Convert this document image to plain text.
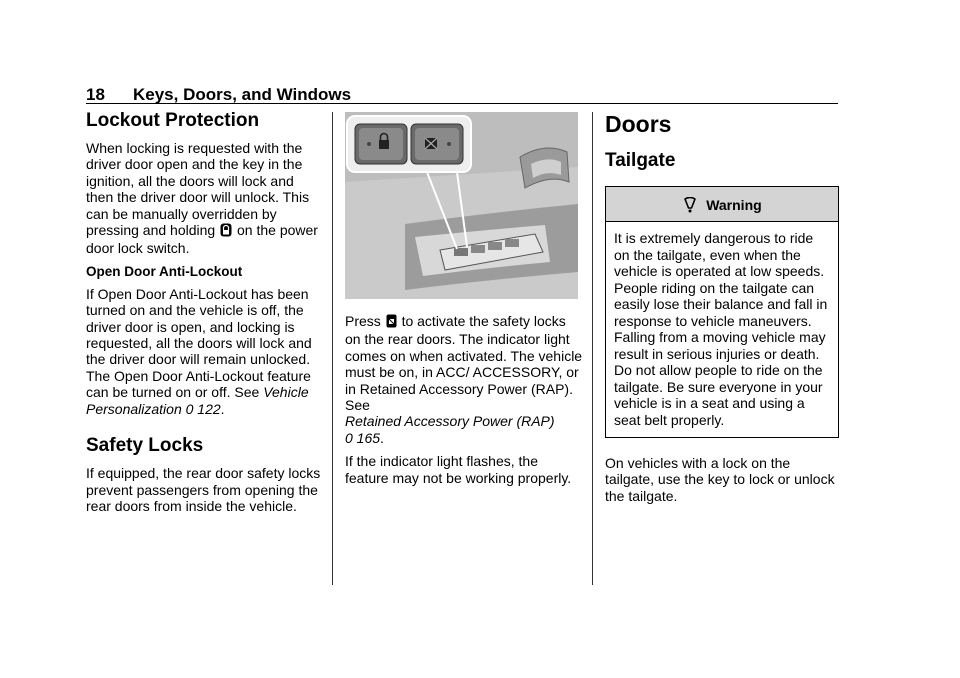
18 Keys, Doors, and Windows
Lockout Protection

When locking is requested with the driver door open and the key in the ignition, all the doors will lock and then the driver door will unlock. This can be manually overridden by pressing and holding on the power door lock switch.

Open Door Anti-Lockout

If Open Door Anti-Lockout has been turned on and the vehicle is off, the driver door is open, and locking is requested, all the doors will lock and the driver door will remain unlocked. The Open Door Anti-Lockout feature can be turned on or off. See Vehicle Personalization 0 122.

Safety Locks

If equipped, the rear door safety locks prevent passengers from opening the rear doors from inside the vehicle.

Press to activate the safety locks on the rear doors. The indicator light comes on when activated. The vehicle must be on, in ACC/ ACCESSORY, or in Retained Accessory Power (RAP). See
Retained Accessory Power (RAP)
0 165.

If the indicator light flashes, the feature may not be working properly.

Doors
Tailgate
Warning

It is extremely dangerous to ride on the tailgate, even when the vehicle is operated at low speeds. People riding on the tailgate can easily lose their balance and fall in response to vehicle maneuvers. Falling from a moving vehicle may result in serious injuries or death. Do not allow people to ride on the tailgate. Be sure everyone in your vehicle is in a seat and using a seat belt properly.

On vehicles with a lock on the tailgate, use the key to lock or unlock the tailgate.
